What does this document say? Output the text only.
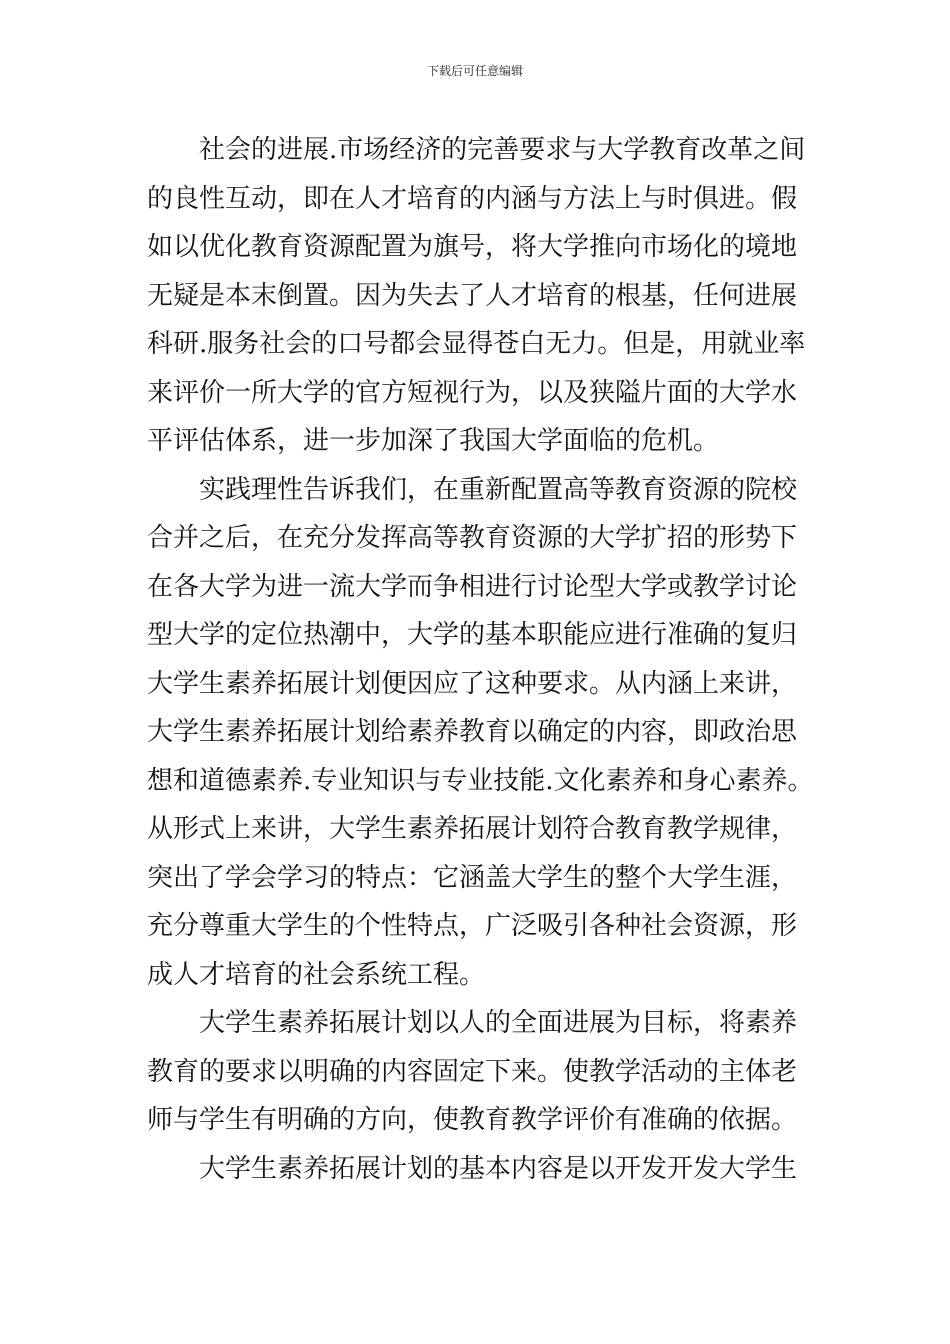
下载后可任意编辑
社会的进展.市场经济的完善要求与大学教育改革之间
的良性互动，即在人才培育的内涵与方法上与时俱进。假
如以优化教育资源配置为旗号，将大学推向市场化的境地
无疑是本末倒置。因为失去了人才培育的根基，任何进展
科研.服务社会的口号都会显得苍白无力。但是，用就业率
来评价一所大学的官方短视行为，以及狭隘片面的大学水
平评估体系，进一步加深了我国大学面临的危机。
实践理性告诉我们，在重新配置高等教育资源的院校
合并之后，在充分发挥高等教育资源的大学扩招的形势下
在各大学为进一流大学而争相进行讨论型大学或教学讨论
型大学的定位热潮中，大学的基本职能应进行准确的复归
大学生素养拓展计划便因应了这种要求。从内涵上来讲，
大学生素养拓展计划给素养教育以确定的内容，即政治思
想和道德素养.专业知识与专业技能.文化素养和身心素养。
从形式上来讲，大学生素养拓展计划符合教育教学规律，
突出了学会学习的特点：它涵盖大学生的整个大学生涯，
充分尊重大学生的个性特点，广泛吸引各种社会资源，形
成人才培育的社会系统工程。
大学生素养拓展计划以人的全面进展为目标，将素养
教育的要求以明确的内容固定下来。使教学活动的主体老
师与学生有明确的方向，使教育教学评价有准确的依据。
大学生素养拓展计划的基本内容是以开发开发大学生
